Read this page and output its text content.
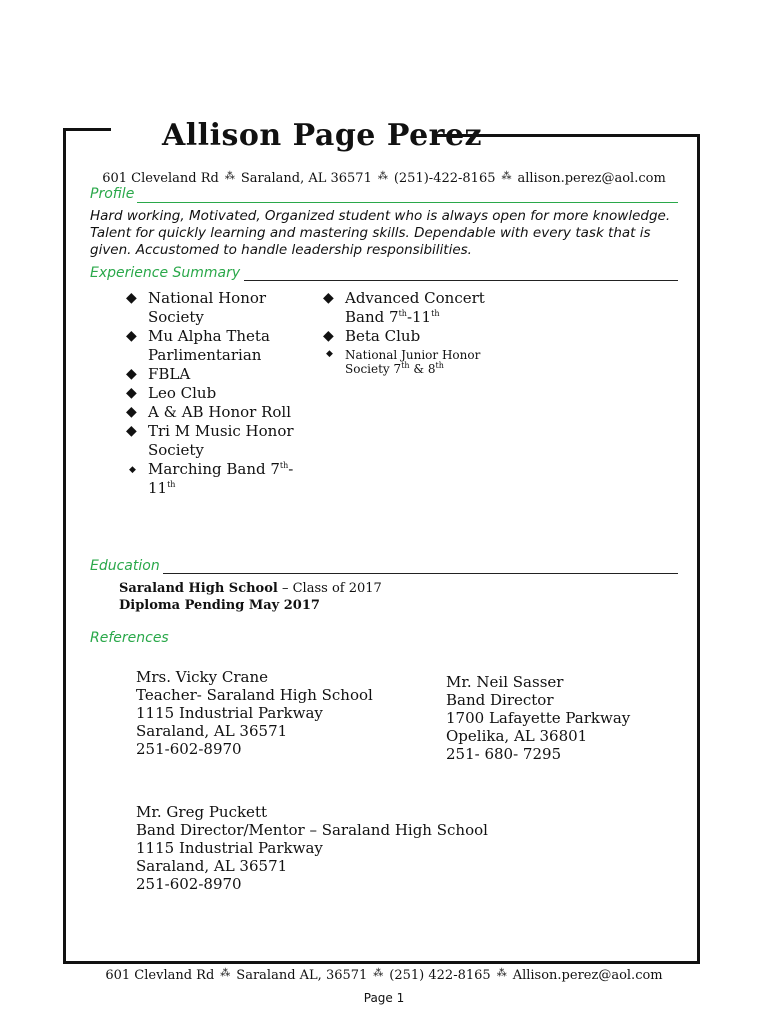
Allison Page Perez
601 Cleveland Rd ⁂ Saraland, AL 36571 ⁂ (251)-422-8165 ⁂ allison.perez@aol.com
Profile
Hard working, Motivated, Organized student who is always open for more knowledge. Talent for quickly learning and mastering skills. Dependable with every task that is given. Accustomed to handle leadership responsibilities.
Experience Summary
◆ National Honor Society
◆ Mu Alpha Theta Parlimentarian
◆ FBLA
◆ Leo Club
◆ A & AB Honor Roll
◆ Tri M Music Honor Society
◆ Marching Band 7th-11th
◆ Advanced Concert Band 7th-11th
◆ Beta Club
◆ National Junior Honor Society 7th & 8th
Education
Saraland High School – Class of 2017
Diploma Pending May 2017
References
Mrs. Vicky Crane
Teacher- Saraland High School
1115 Industrial Parkway
Saraland, AL 36571
251-602-8970
Mr. Neil Sasser
Band Director
1700 Lafayette Parkway
Opelika, AL 36801
251- 680- 7295
Mr. Greg Puckett
Band Director/Mentor – Saraland High School
1115 Industrial Parkway
Saraland, AL 36571
251-602-8970
601 Clevland Rd ⁂ Saraland AL, 36571 ⁂ (251) 422-8165 ⁂ Allison.perez@aol.com
Page 1
